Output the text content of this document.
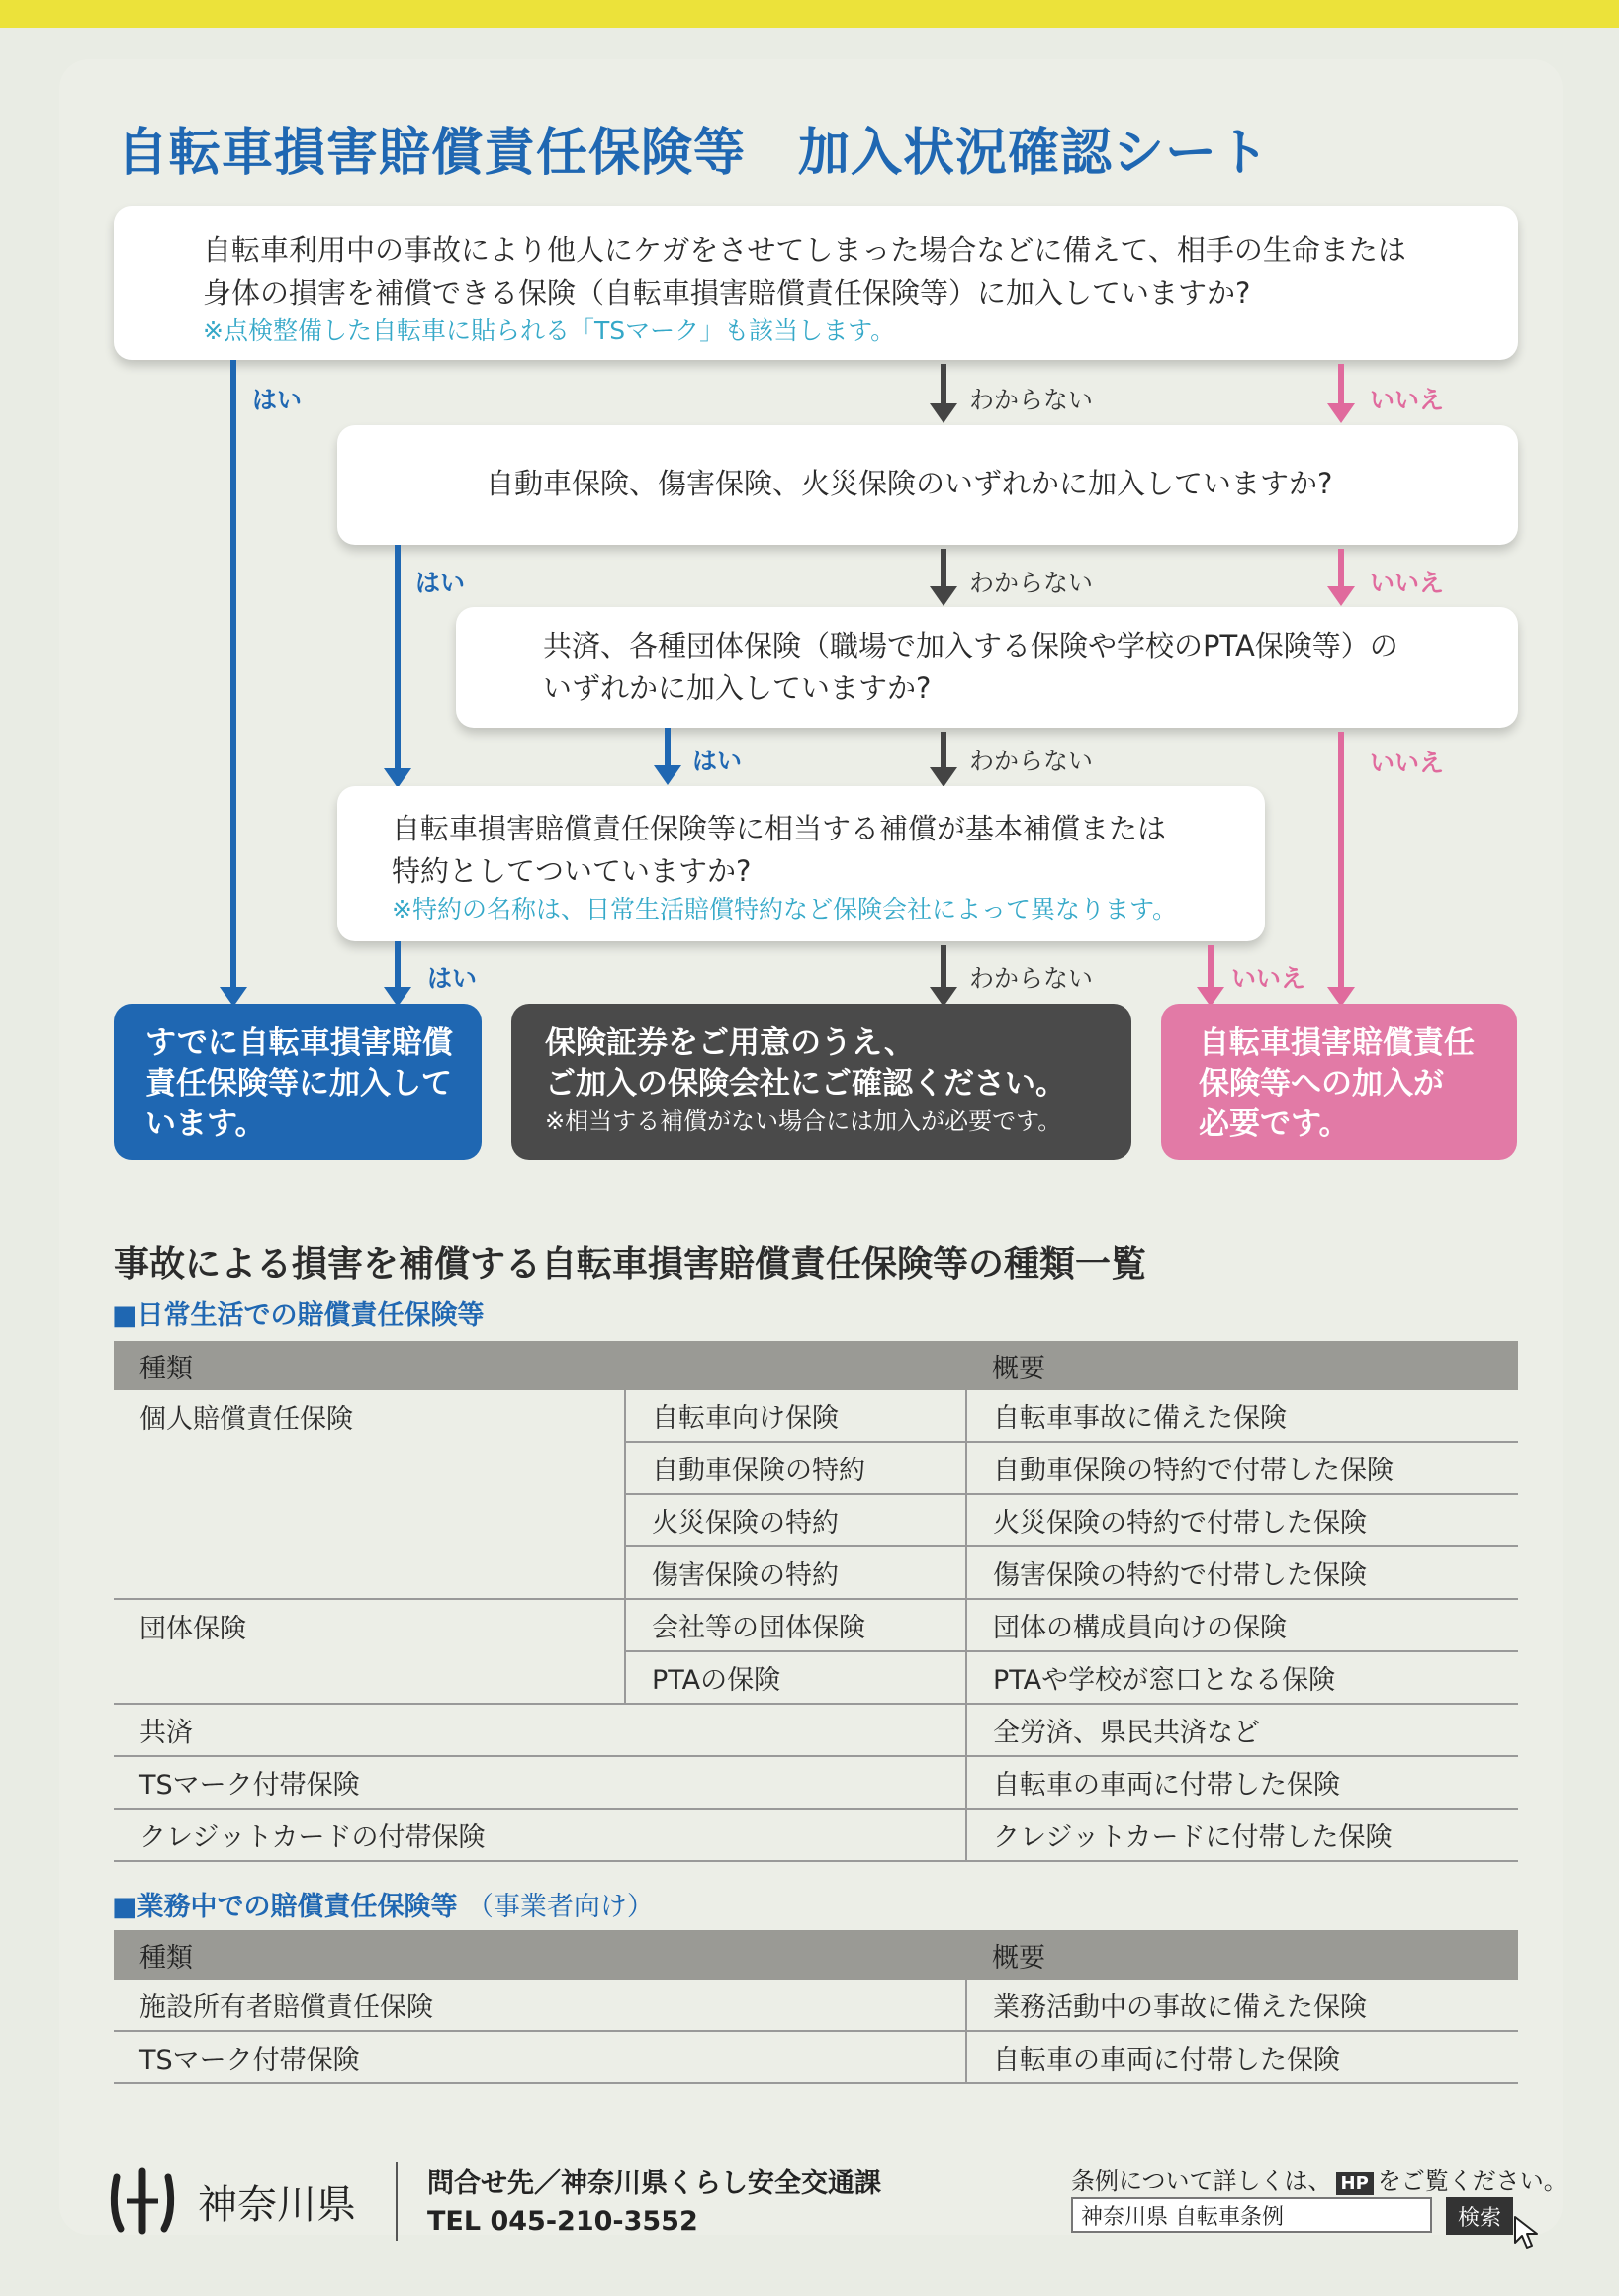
自転車損害賠償責任保険等　加入状況確認シート
自転車利用中の事故により他人にケガをさせてしまった場合などに備えて、相手の生命または
身体の損害を補償できる保険（自転車損害賠償責任保険等）に加入していますか?
※点検整備した自転車に貼られる「TSマーク」も該当します。
はい	わからない	いいえ
自動車保険、傷害保険、火災保険のいずれかに加入していますか?
はい	わからない	いいえ
共済、各種団体保険（職場で加入する保険や学校のPTA保険等）の
いずれかに加入していますか?
はい	わからない	いいえ
自転車損害賠償責任保険等に相当する補償が基本補償または
特約としてついていますか?
※特約の名称は、日常生活賠償特約など保険会社によって異なります。
はい	わからない	いいえ
すでに自転車損害賠償
責任保険等に加入して
います。
保険証券をご用意のうえ、
ご加入の保険会社にご確認ください。
※相当する補償がない場合には加入が必要です。
自転車損害賠償責任
保険等への加入が
必要です。
事故による損害を補償する自転車損害賠償責任保険等の種類一覧
■日常生活での賠償責任保険等
種類		概要
個人賠償責任保険	自転車向け保険	自転車事故に備えた保険
	自動車保険の特約	自動車保険の特約で付帯した保険
	火災保険の特約	火災保険の特約で付帯した保険
	傷害保険の特約	傷害保険の特約で付帯した保険
団体保険	会社等の団体保険	団体の構成員向けの保険
	PTAの保険	PTAや学校が窓口となる保険
共済		全労済、県民共済など
TSマーク付帯保険		自転車の車両に付帯した保険
クレジットカードの付帯保険		クレジットカードに付帯した保険
■業務中での賠償責任保険等 （事業者向け）
種類	概要
施設所有者賠償責任保険	業務活動中の事故に備えた保険
TSマーク付帯保険	自転車の車両に付帯した保険
神奈川県	問合せ先／神奈川県くらし安全交通課
TEL 045-210-3552
条例について詳しくは、 HP をご覧ください。
神奈川県 自転車条例
検索
